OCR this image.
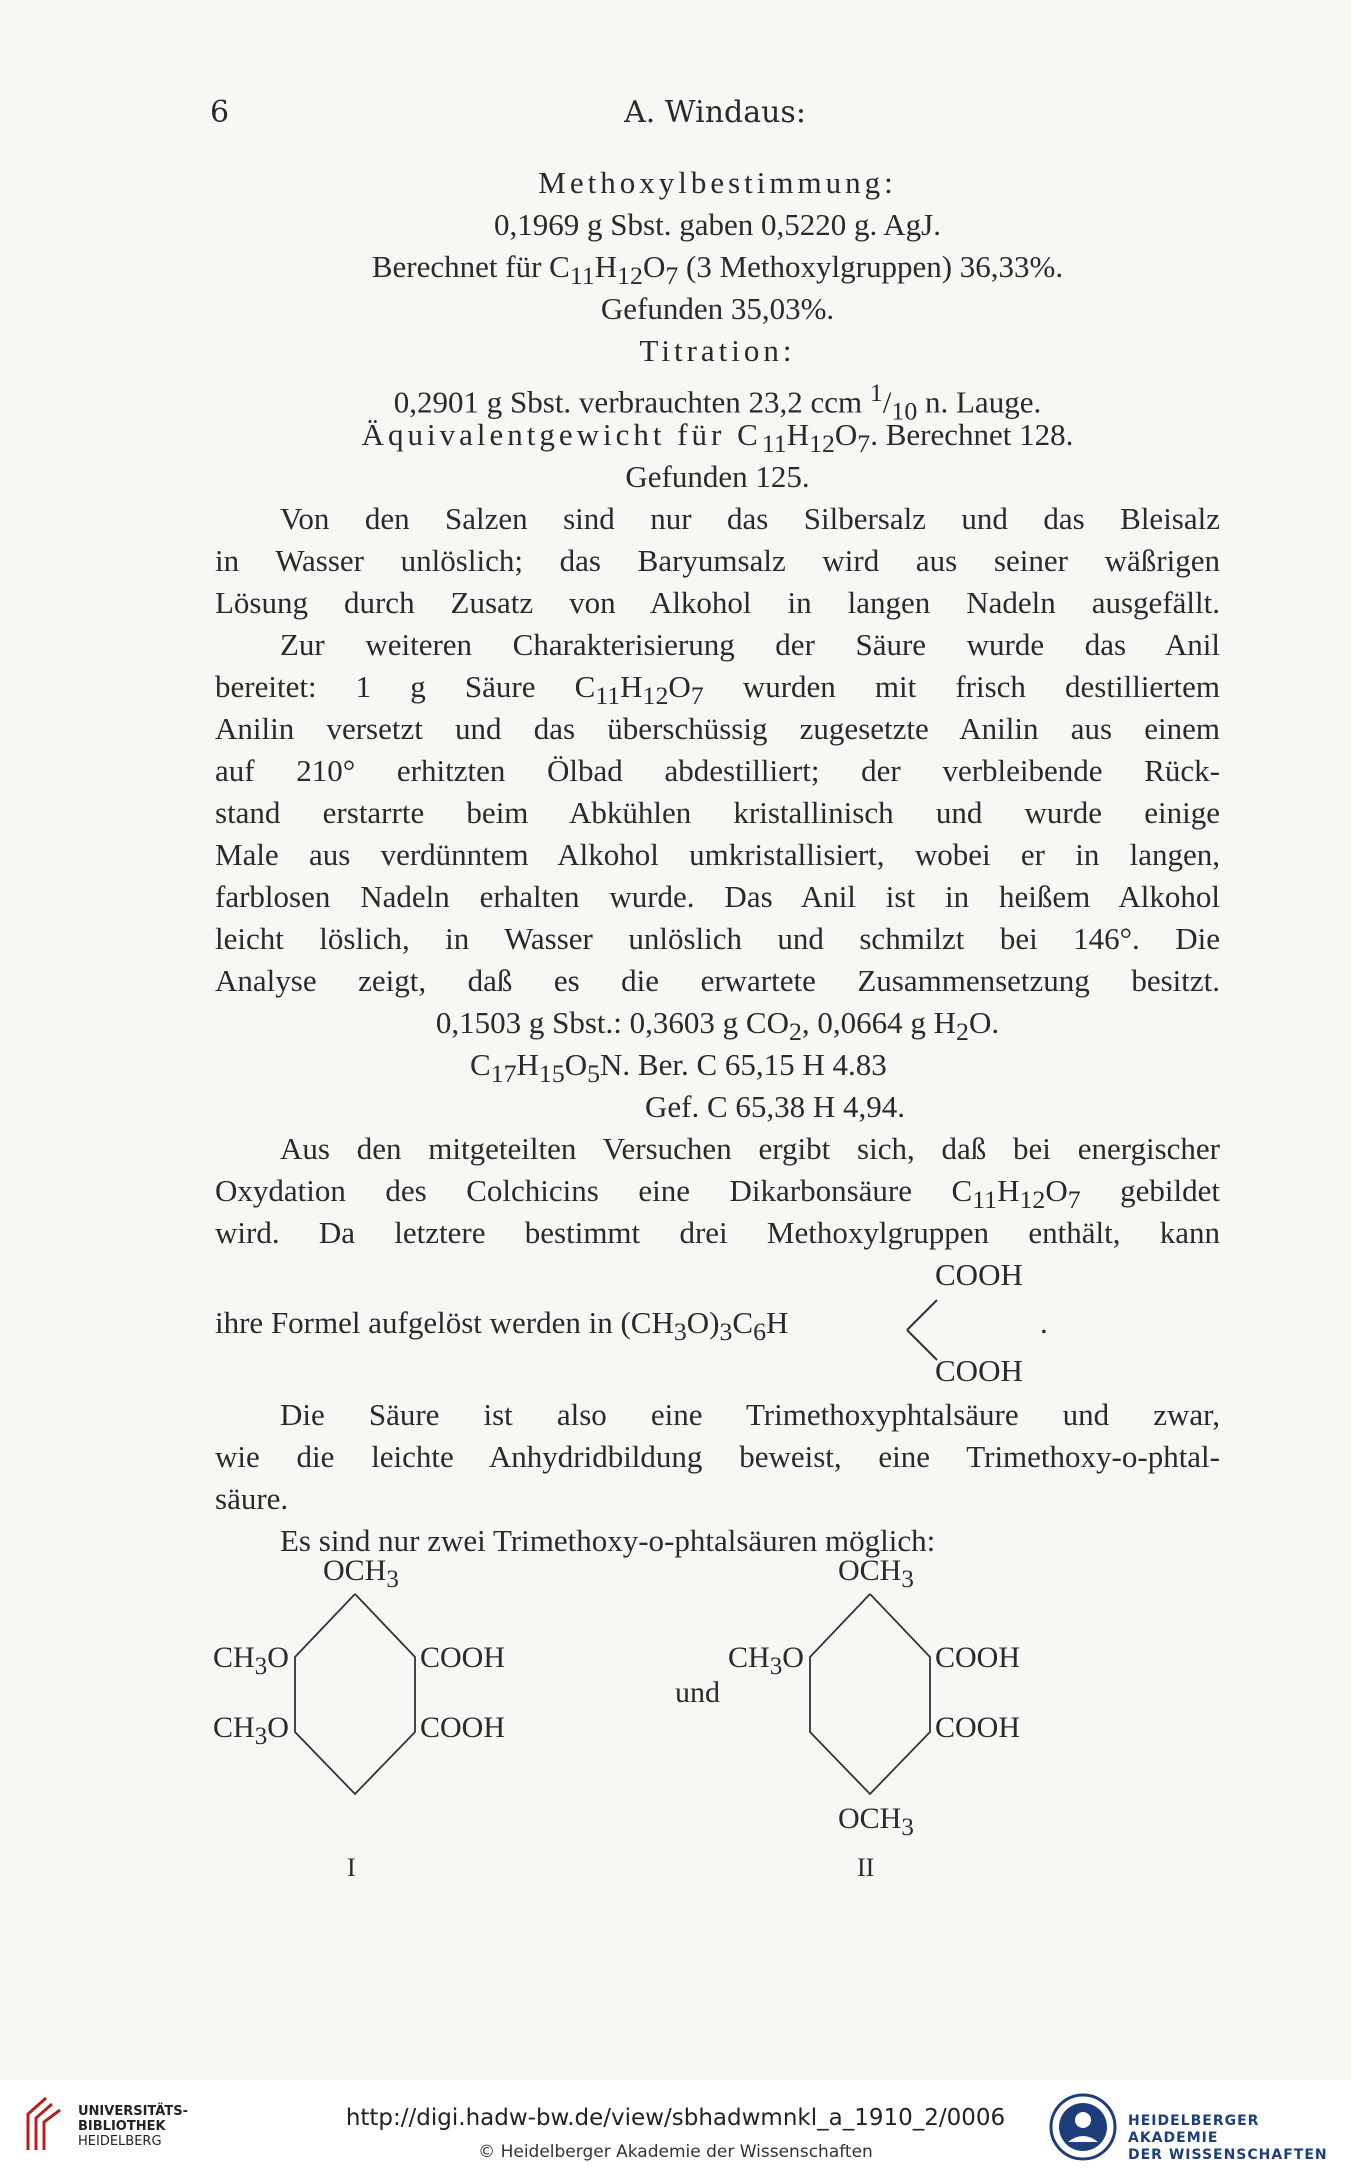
6	A. Windaus:
Methoxylbestimmung:
0,1969 g Sbst. gaben 0,5220 g. AgJ.
Berechnet für $C_{11}H_{12}O_7$ (3 Methoxylgruppen) 36,33%.
Gefunden 35,03%.
Titration:
0,2901 g Sbst. verbrauchten 23,2 ccm $^1/_{10}$ n. Lauge.
Äquivalentgewicht für $C_{11}H_{12}O_7$. Berechnet 128.
Gefunden 125.
Von den Salzen sind nur das Silbersalz und das Bleisalz
in Wasser unlöslich; das Baryumsalz wird aus seiner wäßrigen
Lösung durch Zusatz von Alkohol in langen Nadeln ausgefällt.
Zur weiteren Charakterisierung der Säure wurde das Anil
bereitet: 1 g Säure $C_{11}H_{12}O_7$ wurden mit frisch destilliertem
Anilin versetzt und das überschüssig zugesetzte Anilin aus einem
auf 210° erhitzten Ölbad abdestilliert; der verbleibende Rück-
stand erstarrte beim Abkühlen kristallinisch und wurde einige
Male aus verdünntem Alkohol umkristallisiert, wobei er in langen,
farblosen Nadeln erhalten wurde. Das Anil ist in heißem Alkohol
leicht löslich, in Wasser unlöslich und schmilzt bei 146°. Die
Analyse zeigt, daß es die erwartete Zusammensetzung besitzt.
0,1503 g Sbst.: 0,3603 g $CO_2$, 0,0664 g $H_2O$.
$C_{17}H_{15}O_5N$. Ber. C 65,15 H 4.83
Gef. C 65,38 H 4,94.
Aus den mitgeteilten Versuchen ergibt sich, daß bei energischer
Oxydation des Colchicins eine Dikarbonsäure $C_{11}H_{12}O_7$ gebildet
wird. Da letztere bestimmt drei Methoxylgruppen enthält, kann
COOH
ihre Formel aufgelöst werden in $(CH_3O)_3C_6H$	.
COOH
Die Säure ist also eine Trimethoxyphtalsäure und zwar,
wie die leichte Anhydridbildung beweist, eine Trimethoxy-o-phtal-
säure.
Es sind nur zwei Trimethoxy-o-phtalsäuren möglich:
$OCH_3$
$CH_3O$
$CH_3O$
COOH
COOH
I
und
$OCH_3$
$CH_3O$	COOH
COOH
$OCH_3$
II
UNIVERSITÄTS-
BIBLIOTHEK
HEIDELBERG
http://digi.hadw-bw.de/view/sbhadwmnkl_a_1910_2/0006
© Heidelberger Akademie der Wissenschaften
HEIDELBERGER AKADEMIE
DER WISSENSCHAFTEN
